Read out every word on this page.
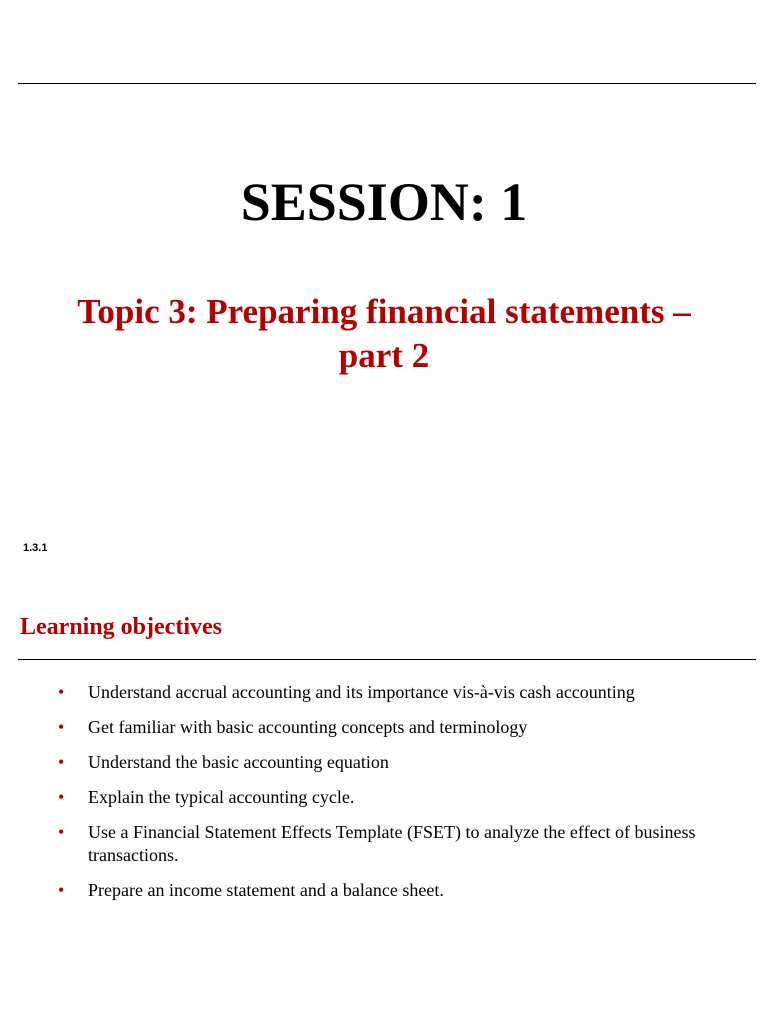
SESSION: 1
Topic 3: Preparing financial statements –
part 2
1.3.1
Learning objectives
• Understand accrual accounting and its importance vis-à-vis cash accounting
• Get familiar with basic accounting concepts and terminology
• Understand the basic accounting equation
• Explain the typical accounting cycle.
• Use a Financial Statement Effects Template (FSET) to analyze the effect of business transactions.
• Prepare an income statement and a balance sheet.
